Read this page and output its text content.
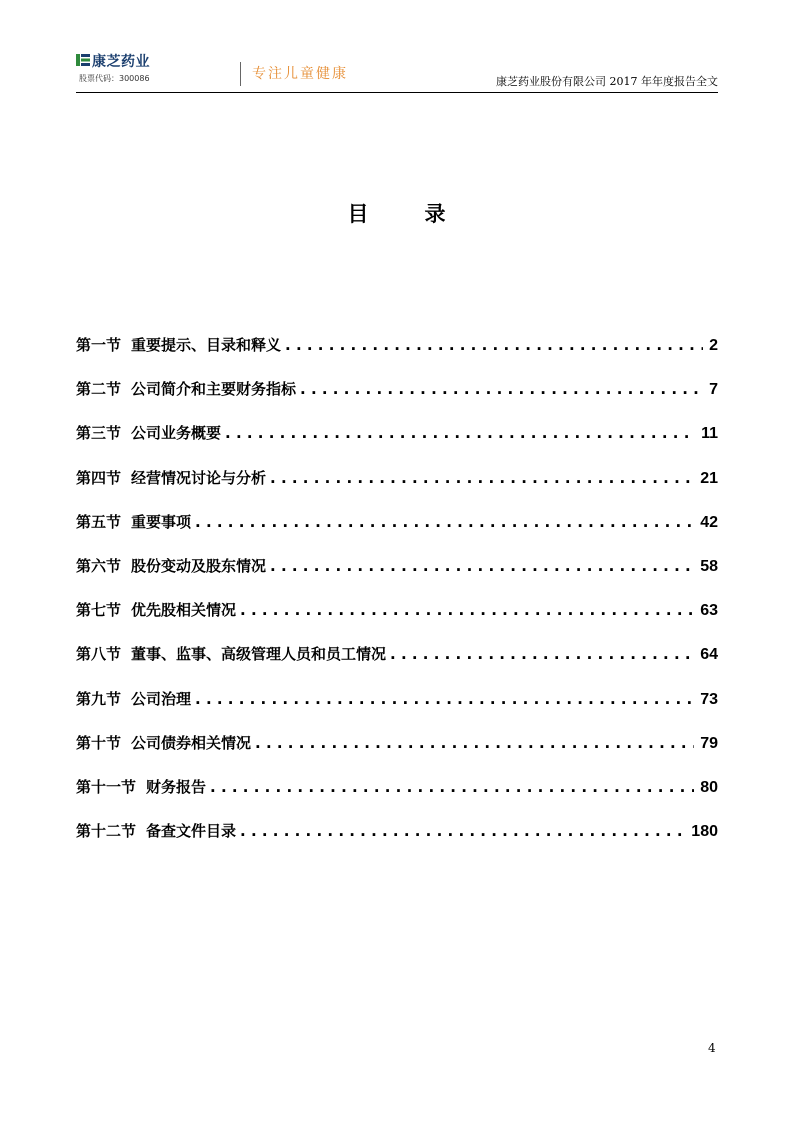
康芝药业
股票代码：300086	专注儿童健康	康芝药业股份有限公司 2017 年年度报告全文
目录
第一节 重要提示、目录和释义 . . .	2
第二节 公司简介和主要财务指标 . . .	7
第三节 公司业务概要 . . .	11
第四节 经营情况讨论与分析 . . .	21
第五节 重要事项 . . .	42
第六节 股份变动及股东情况 . . .	58
第七节 优先股相关情况 . . .	63
第八节 董事、监事、高级管理人员和员工情况 . . .	64
第九节 公司治理 . . .	73
第十节 公司债券相关情况 . . .	79
第十一节 财务报告 . . .	80
第十二节 备查文件目录 . . .	180
4
